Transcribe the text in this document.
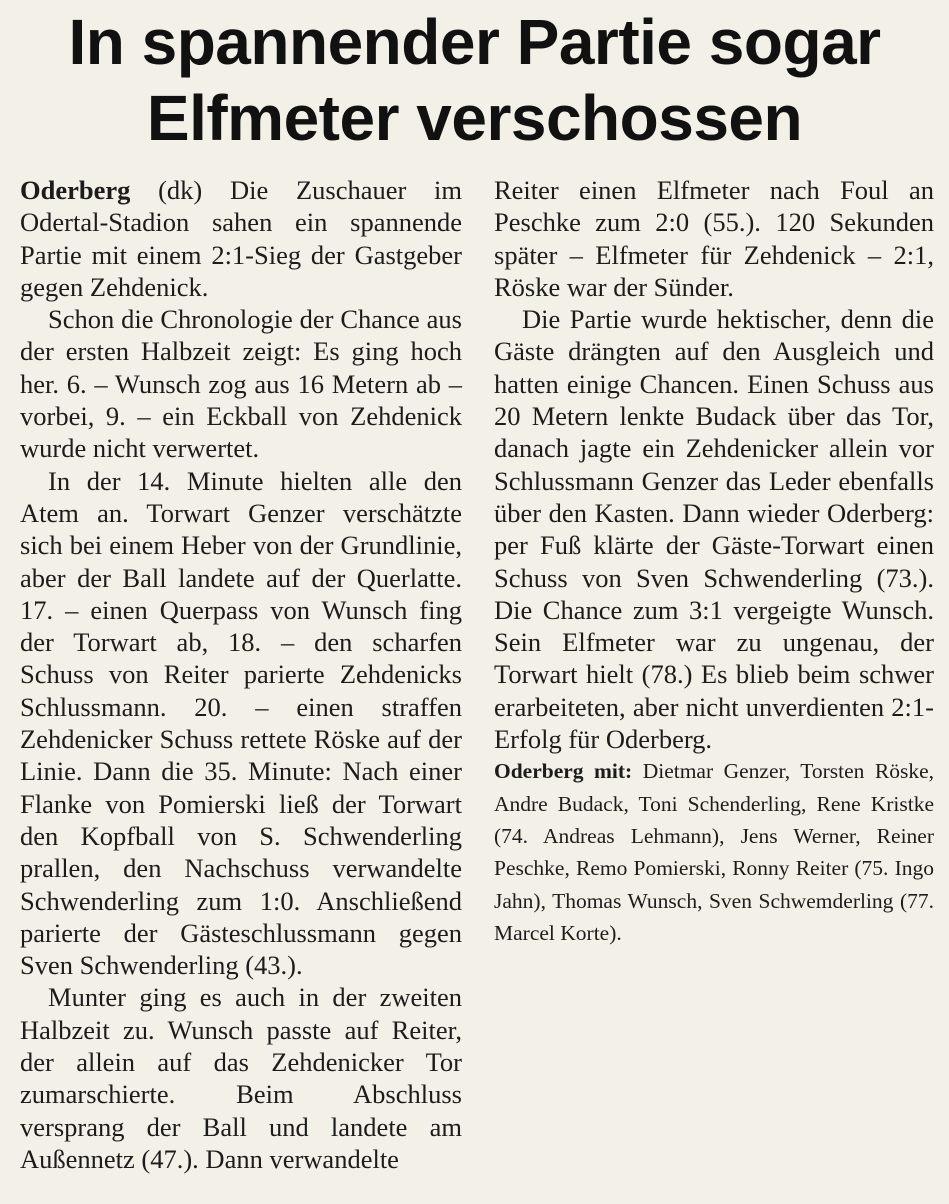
In spannender Partie sogar
Elfmeter verschossen

Oderberg (dk) Die Zuschauer im Odertal-Stadion sahen ein spannende Partie mit einem 2:1-Sieg der Gastgeber gegen Zehdenick.

Schon die Chronologie der Chance aus der ersten Halbzeit zeigt: Es ging hoch her. 6. – Wunsch zog aus 16 Metern ab – vorbei, 9. – ein Eckball von Zehdenick wurde nicht verwertet.

In der 14. Minute hielten alle den Atem an. Torwart Genzer verschätzte sich bei einem Heber von der Grundlinie, aber der Ball landete auf der Querlatte. 17. – einen Querpass von Wunsch fing der Torwart ab, 18. – den scharfen Schuss von Reiter parierte Zehdenicks Schlussmann. 20. – einen straffen Zehdenicker Schuss rettete Röske auf der Linie. Dann die 35. Minute: Nach einer Flanke von Pomierski ließ der Torwart den Kopfball von S. Schwenderling prallen, den Nachschuss verwandelte Schwenderling zum 1:0. Anschließend parierte der Gästeschlussmann gegen Sven Schwenderling (43.).

Munter ging es auch in der zweiten Halbzeit zu. Wunsch passte auf Reiter, der allein auf das Zehdenicker Tor zumarschierte. Beim Abschluss versprang der Ball und landete am Außennetz (47.). Dann verwandelte

Reiter einen Elfmeter nach Foul an Peschke zum 2:0 (55.). 120 Sekunden später – Elfmeter für Zehdenick – 2:1, Röske war der Sünder.

Die Partie wurde hektischer, denn die Gäste drängten auf den Ausgleich und hatten einige Chancen. Einen Schuss aus 20 Metern lenkte Budack über das Tor, danach jagte ein Zehdenicker allein vor Schlussmann Genzer das Leder ebenfalls über den Kasten. Dann wieder Oderberg: per Fuß klärte der Gäste-Torwart einen Schuss von Sven Schwenderling (73.). Die Chance zum 3:1 vergeigte Wunsch. Sein Elfmeter war zu ungenau, der Torwart hielt (78.) Es blieb beim schwer erarbeiteten, aber nicht unverdienten 2:1-Erfolg für Oderberg.

Oderberg mit: Dietmar Genzer, Torsten Röske, Andre Budack, Toni Schenderling, Rene Kristke (74. Andreas Lehmann), Jens Werner, Reiner Peschke, Remo Pomierski, Ronny Reiter (75. Ingo Jahn), Thomas Wunsch, Sven Schwemderling (77. Marcel Korte).
